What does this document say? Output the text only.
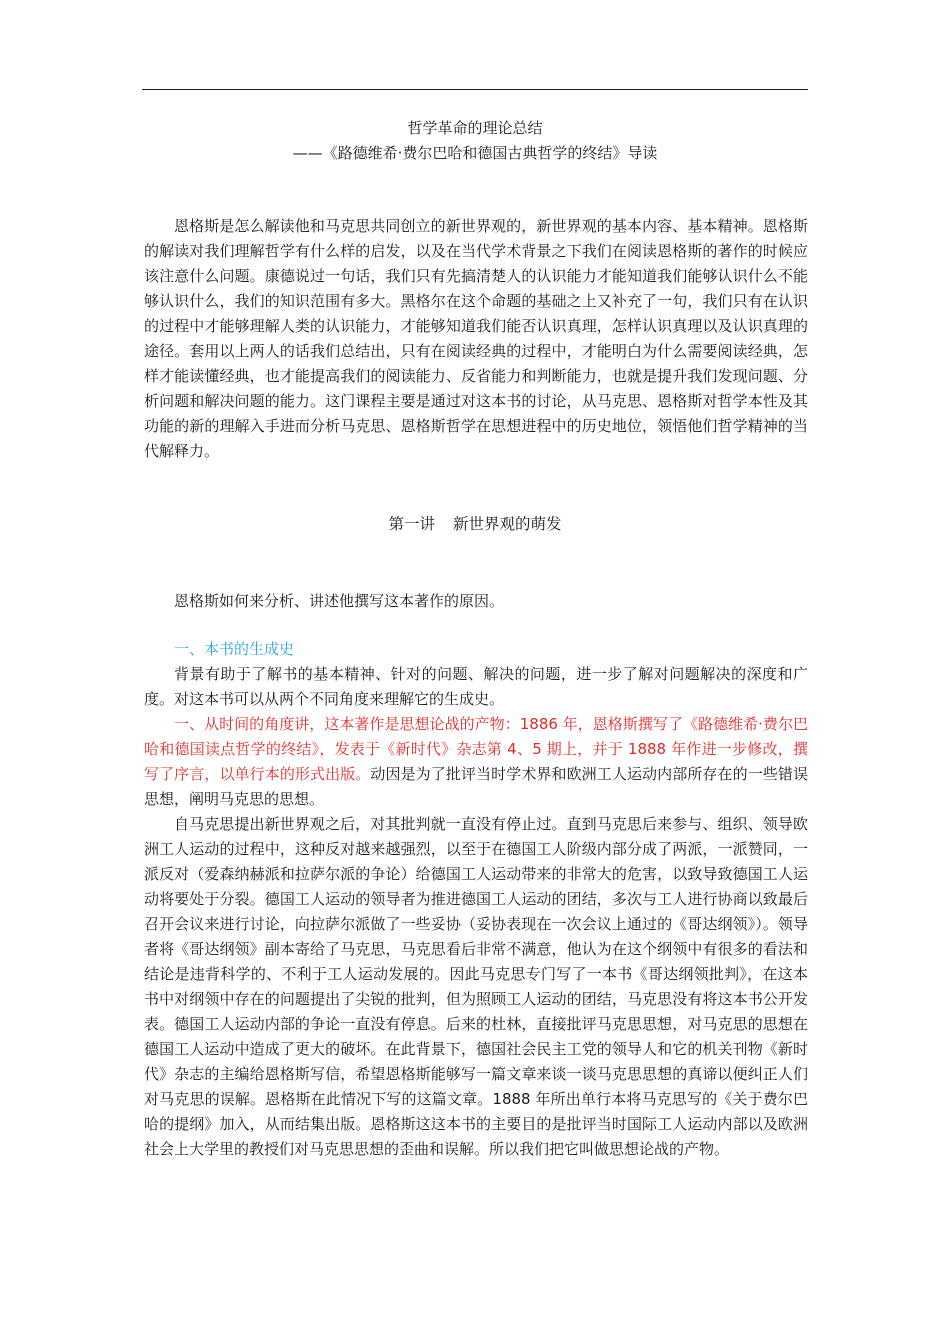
哲学革命的理论总结
——《路德维希·费尔巴哈和德国古典哲学的终结》导读

恩格斯是怎么解读他和马克思共同创立的新世界观的，新世界观的基本内容、基本精神。恩格斯的解读对我们理解哲学有什么样的启发，以及在当代学术背景之下我们在阅读恩格斯的著作的时候应该注意什么问题。康德说过一句话，我们只有先搞清楚人的认识能力才能知道我们能够认识什么不能够认识什么，我们的知识范围有多大。黑格尔在这个命题的基础之上又补充了一句，我们只有在认识的过程中才能够理解人类的认识能力，才能够知道我们能否认识真理，怎样认识真理以及认识真理的途径。套用以上两人的话我们总结出，只有在阅读经典的过程中，才能明白为什么需要阅读经典，怎样才能读懂经典，也才能提高我们的阅读能力、反省能力和判断能力，也就是提升我们发现问题、分析问题和解决问题的能力。这门课程主要是通过对这本书的讨论，从马克思、恩格斯对哲学本性及其功能的新的理解入手进而分析马克思、恩格斯哲学在思想进程中的历史地位，领悟他们哲学精神的当代解释力。

第一讲 新世界观的萌发

恩格斯如何来分析、讲述他撰写这本著作的原因。

一、本书的生成史

背景有助于了解书的基本精神、针对的问题、解决的问题，进一步了解对问题解决的深度和广度。对这本书可以从两个不同角度来理解它的生成史。

一、从时间的角度讲，这本著作是思想论战的产物：1886 年，恩格斯撰写了《路德维希·费尔巴哈和德国读点哲学的终结》，发表于《新时代》杂志第 4、5 期上，并于 1888 年作进一步修改，撰写了序言，以单行本的形式出版。动因是为了批评当时学术界和欧洲工人运动内部所存在的一些错误思想，阐明马克思的思想。

自马克思提出新世界观之后，对其批判就一直没有停止过。直到马克思后来参与、组织、领导欧洲工人运动的过程中，这种反对越来越强烈，以至于在德国工人阶级内部分成了两派，一派赞同，一派反对（爱森纳赫派和拉萨尔派的争论）给德国工人运动带来的非常大的危害，以致导致德国工人运动将要处于分裂。德国工人运动的领导者为推进德国工人运动的团结，多次与工人进行协商以致最后召开会议来进行讨论，向拉萨尔派做了一些妥协（妥协表现在一次会议上通过的《哥达纲领》）。领导者将《哥达纲领》副本寄给了马克思，马克思看后非常不满意，他认为在这个纲领中有很多的看法和结论是违背科学的、不利于工人运动发展的。因此马克思专门写了一本书《哥达纲领批判》，在这本书中对纲领中存在的问题提出了尖锐的批判，但为照顾工人运动的团结，马克思没有将这本书公开发表。德国工人运动内部的争论一直没有停息。后来的杜林，直接批评马克思思想，对马克思的思想在德国工人运动中造成了更大的破坏。在此背景下，德国社会民主工党的领导人和它的机关刊物《新时代》杂志的主编给恩格斯写信，希望恩格斯能够写一篇文章来谈一谈马克思思想的真谛以便纠正人们对马克思的误解。恩格斯在此情况下写的这篇文章。1888 年所出单行本将马克思写的《关于费尔巴哈的提纲》加入，从而结集出版。恩格斯这这本书的主要目的是批评当时国际工人运动内部以及欧洲社会上大学里的教授们对马克思思想的歪曲和误解。所以我们把它叫做思想论战的产物。
